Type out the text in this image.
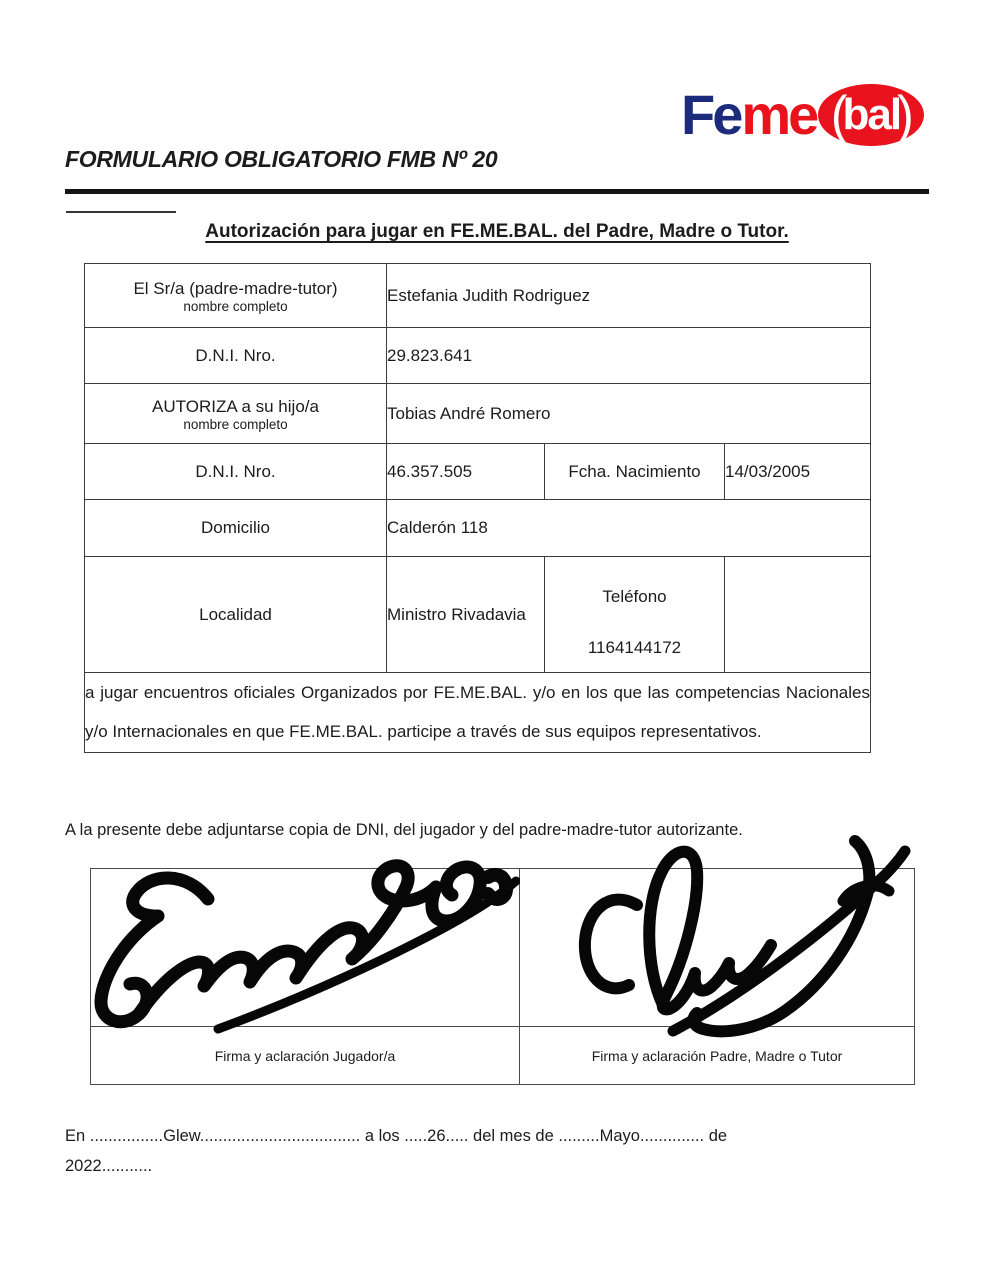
Fe me (
bal
)
FORMULARIO OBLIGATORIO FMB Nº 20
Autorización para jugar en FE.ME.BAL. del Padre, Madre o Tutor.
El Sr/a (padre-madre-tutor)
nombre completo	Estefania Judith Rodriguez		
D.N.I. Nro.	29.823.641		

AUTORIZA a su hijo/a
nombre completo	Tobias André Romero		
D.N.I. Nro.	46.357.505	Fcha. Nacimiento	14/03/2005
Domicilio	Calderón 118		
Localidad	Ministro Rivadavia	Teléfono
1164144172	

a jugar encuentros oficiales Organizados por FE.ME.BAL. y/o en los que las competencias Nacionales y/o Internacionales en que FE.ME.BAL. participe a través de sus equipos representativos.			
A la presente debe adjuntarse copia de DNI, del jugador y del padre-madre-tutor autorizante.

Firma y aclaración Jugador/a	Firma y aclaración Padre, Madre o Tutor
En ................Glew................................... a los .....26..... del mes de .........Mayo.............. de
2022...........
